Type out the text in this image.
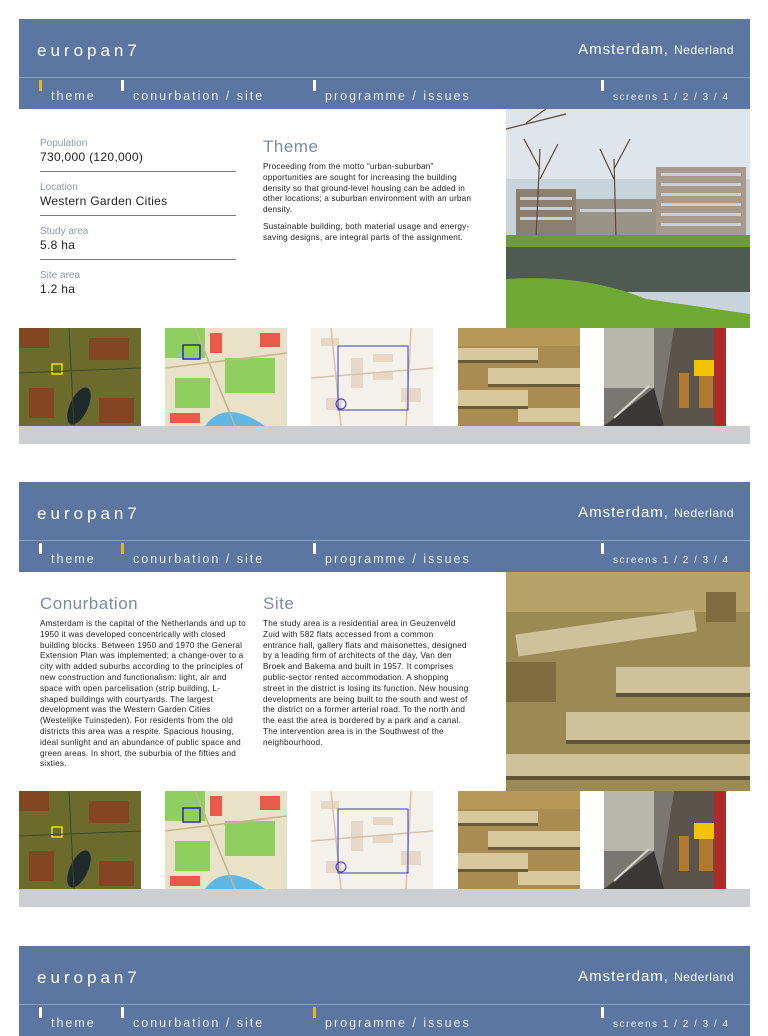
europan7	Amsterdam, Nederland
theme	conurbation / site	programme / issues	screens 1 / 2 / 3 / 4
Population
730,000 (120,000)
Location
Western Garden Cities
Study area
5.8 ha
Site area
1.2 ha
Theme

Proceeding from the motto “urban-suburban” opportunities are sought for increasing the building density so that ground-level housing can be added in other locations; a suburban environment with an urban density.

Sustainable building, both material usage and energy-saving designs, are integral parts of the assignment.

europan7	Amsterdam, Nederland
theme	conurbation / site	programme / issues	screens 1 / 2 / 3 / 4
Conurbation

Amsterdam is the capital of the Netherlands and up to 1950 it was developed concentrically with closed building blocks. Between 1950 and 1970 the General Extension Plan was implemented; a change-over to a city with added suburbs according to the principles of new construction and functionalism: light, air and space with open parcelisation (strip building, L-shaped buildings with courtyards. The largest development was the Western Garden Cities (Westelijke Tuinsteden). For residents from the old districts this area was a respite. Spacious housing, ideal sunlight and an abundance of public space and green areas. In short, the suburbia of the fifties and sixties.

Site

The study area is a residential area in Geuzenveld Zuid with 582 flats accessed from a common entrance hall, gallery flats and maisonettes, designed by a leading firm of architects of the day, Van den Broek and Bakema and built in 1957. It comprises public-sector rented accommodation. A shopping street in the district is losing its function. New housing developments are being built to the south and west of the district on a former arterial road. To the north and the east the area is bordered by a park and a canal. The intervention area is in the Southwest of the neighbourhood.

europan7	Amsterdam, Nederland
theme	conurbation / site	programme / issues	screens 1 / 2 / 3 / 4
